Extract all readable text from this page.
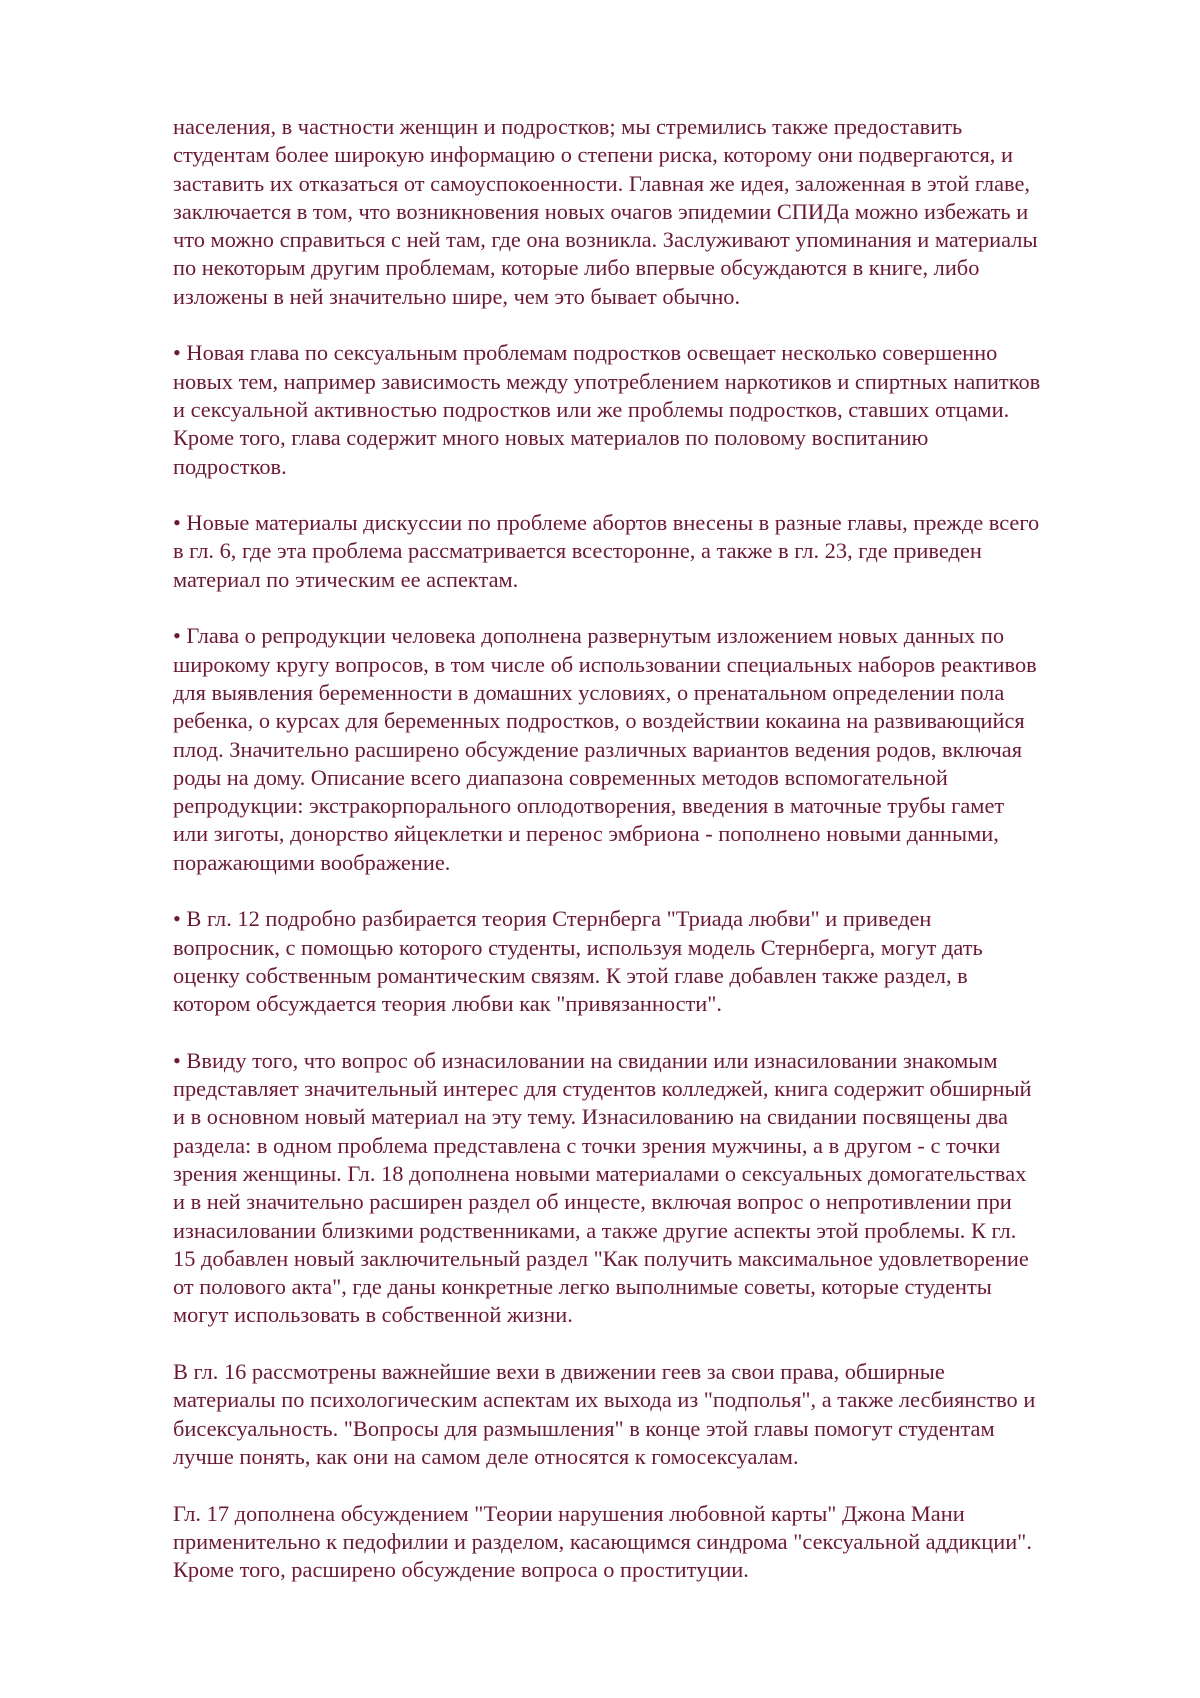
населения, в частности женщин и подростков; мы стремились также предоставить
студентам более широкую информацию о степени риска, которому они подвергаются, и
заставить их отказаться от самоуспокоенности. Главная же идея, заложенная в этой главе,
заключается в том, что возникновения новых очагов эпидемии СПИДа можно избежать и
что можно справиться с ней там, где она возникла. Заслуживают упоминания и материалы
по некоторым другим проблемам, которые либо впервые обсуждаются в книге, либо
изложены в ней значительно шире, чем это бывает обычно.

• Новая глава по сексуальным проблемам подростков освещает несколько совершенно
новых тем, например зависимость между употреблением наркотиков и спиртных напитков
и сексуальной активностью подростков или же проблемы подростков, ставших отцами.
Кроме того, глава содержит много новых материалов по половому воспитанию
подростков.

• Новые материалы дискуссии по проблеме абортов внесены в разные главы, прежде всего
в гл. 6, где эта проблема рассматривается всесторонне, а также в гл. 23, где приведен
материал по этическим ее аспектам.

• Глава о репродукции человека дополнена развернутым изложением новых данных по
широкому кругу вопросов, в том числе об использовании специальных наборов реактивов
для выявления беременности в домашних условиях, о пренатальном определении пола
ребенка, о курсах для беременных подростков, о воздействии кокаина на развивающийся
плод. Значительно расширено обсуждение различных вариантов ведения родов, включая
роды на дому. Описание всего диапазона современных методов вспомогательной
репродукции: экстракорпорального оплодотворения, введения в маточные трубы гамет
или зиготы, донорство яйцеклетки и перенос эмбриона - пополнено новыми данными,
поражающими воображение.

• В гл. 12 подробно разбирается теория Стернберга "Триада любви" и приведен
вопросник, с помощью которого студенты, используя модель Стернберга, могут дать
оценку собственным романтическим связям. К этой главе добавлен также раздел, в
котором обсуждается теория любви как "привязанности".

• Ввиду того, что вопрос об изнасиловании на свидании или изнасиловании знакомым
представляет значительный интерес для студентов колледжей, книга содержит обширный
и в основном новый материал на эту тему. Изнасилованию на свидании посвящены два
раздела: в одном проблема представлена с точки зрения мужчины, а в другом - с точки
зрения женщины. Гл. 18 дополнена новыми материалами о сексуальных домогательствах
и в ней значительно расширен раздел об инцесте, включая вопрос о непротивлении при
изнасиловании близкими родственниками, а также другие аспекты этой проблемы. К гл.
15 добавлен новый заключительный раздел "Как получить максимальное удовлетворение
от полового акта", где даны конкретные легко выполнимые советы, которые студенты
могут использовать в собственной жизни.

В гл. 16 рассмотрены важнейшие вехи в движении геев за свои права, обширные
материалы по психологическим аспектам их выхода из "подполья", а также лесбиянство и
бисексуальность. "Вопросы для размышления" в конце этой главы помогут студентам
лучше понять, как они на самом деле относятся к гомосексуалам.

Гл. 17 дополнена обсуждением "Теории нарушения любовной карты" Джона Мани
применительно к педофилии и разделом, касающимся синдрома "сексуальной аддикции".
Кроме того, расширено обсуждение вопроса о проституции.
